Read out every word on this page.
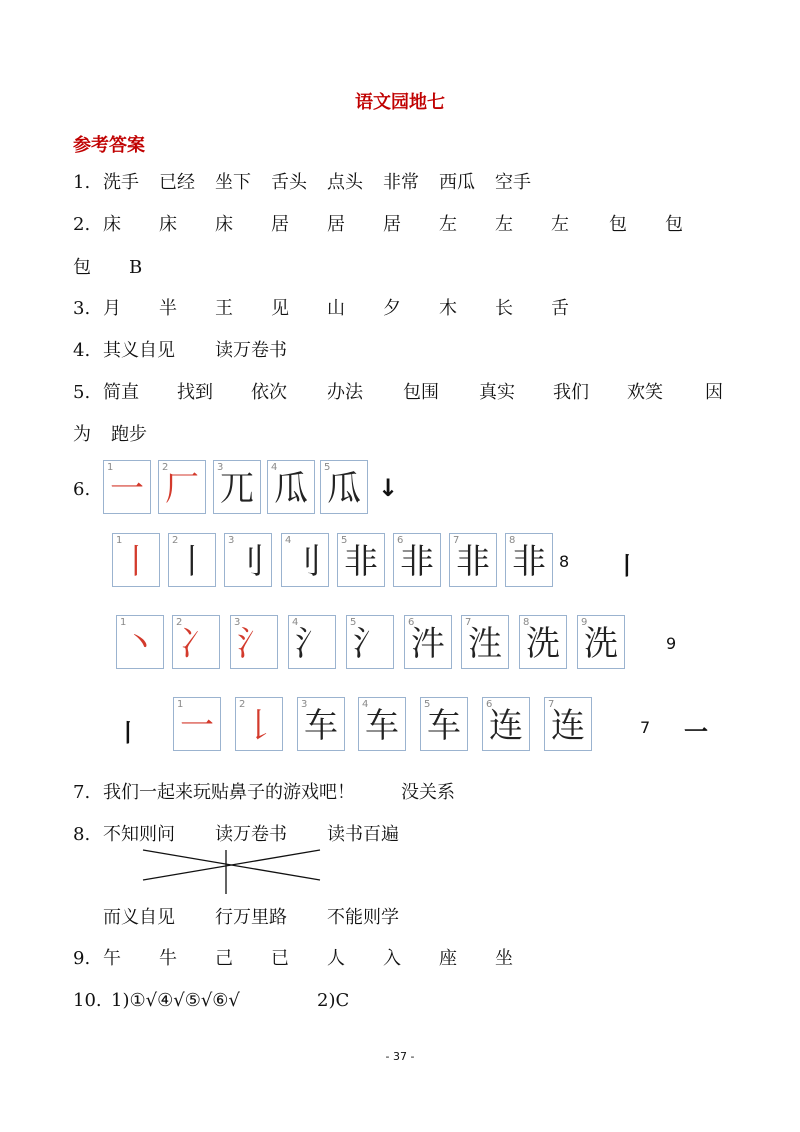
语文园地七
参考答案
1. 洗手 已经 坐下 舌头 点头 非常 西瓜 空手
2. 床 床 床 居 居 居 左 左 左 包 包
包 B
3. 月 半 王 见 山 夕 木 长 舌
4. 其义自见 读万卷书
5. 简直 找到 依次 办法 包围 真实 我们 欢笑 因
为 跑步
6.
1
一
2
厂
3
兀
4
瓜
5
瓜 ↓
1
丨
2
丨
3
刂
4
刂
5
非
6
非
7
非
8
非 8 丨
1
丶
2
冫
3
氵
4
氵
5
氵
6
汼
7
泩
8
洗
9
洗	9
丨
1
一
2
𠄌
3
车
4
车
5
车
6
连
7
连	7 一
7. 我们一起来玩贴鼻子的游戏吧！	没关系
8. 不知则问 读万卷书 读书百遍
而义自见 行万里路 不能则学
9. 午 牛 己 已 人 入 座 坐
10. 1)①√④√⑤√⑥√	2)C
- 37 -
